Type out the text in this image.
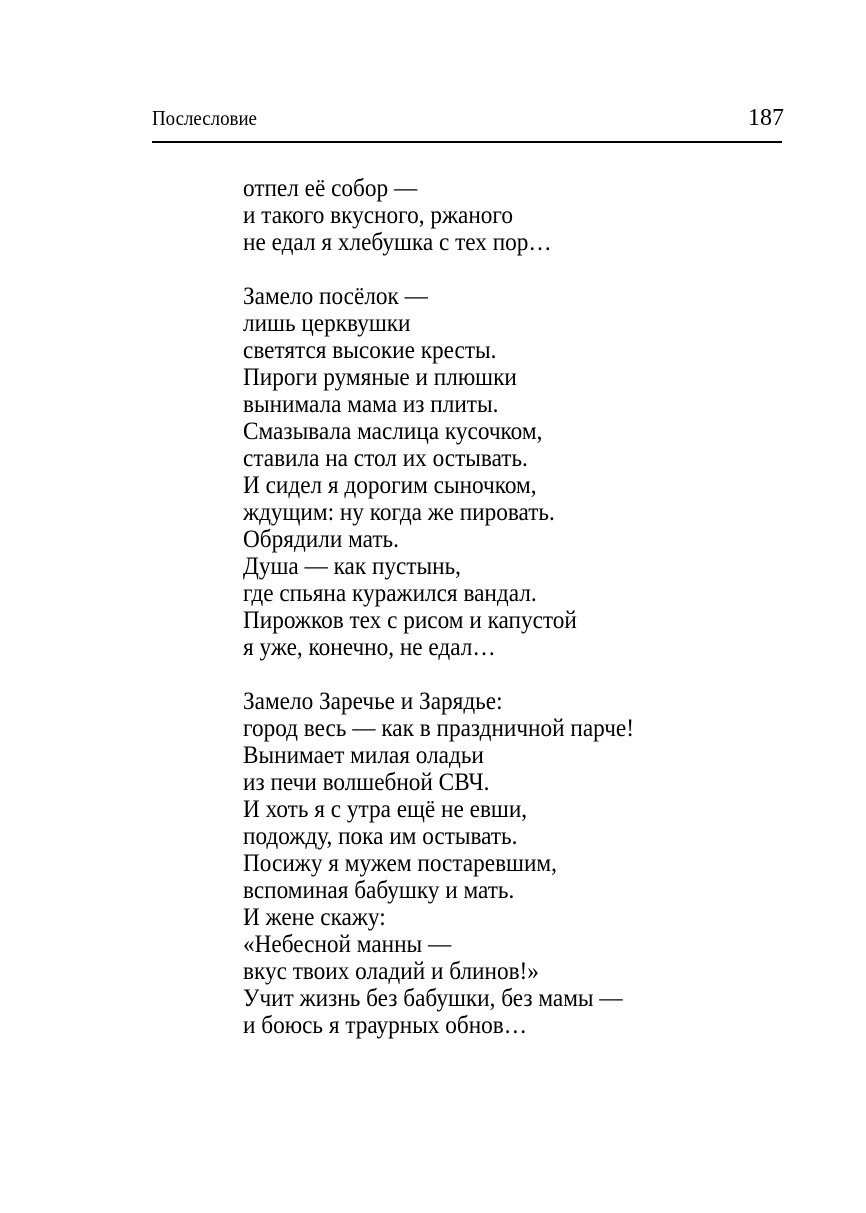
Послесловие	187
отпел её собор —
и такого вкусного, ржаного
не едал я хлебушка с тех пор…
Замело посёлок —
лишь церквушки
светятся высокие кресты.
Пироги румяные и плюшки
вынимала мама из плиты.
Смазывала маслица кусочком,
ставила на стол их остывать.
И сидел я дорогим сыночком,
ждущим: ну когда же пировать.
Обрядили мать.
Душа — как пустынь,
где спьяна куражился вандал.
Пирожков тех с рисом и капустой
я уже, конечно, не едал…
Замело Заречье и Зарядье:
город весь — как в праздничной парче!
Вынимает милая оладьи
из печи волшебной СВЧ.
И хоть я с утра ещё не евши,
подожду, пока им остывать.
Посижу я мужем постаревшим,
вспоминая бабушку и мать.
И жене скажу:
«Небесной манны —
вкус твоих оладий и блинов!»
Учит жизнь без бабушки, без мамы —
и боюсь я траурных обнов…
